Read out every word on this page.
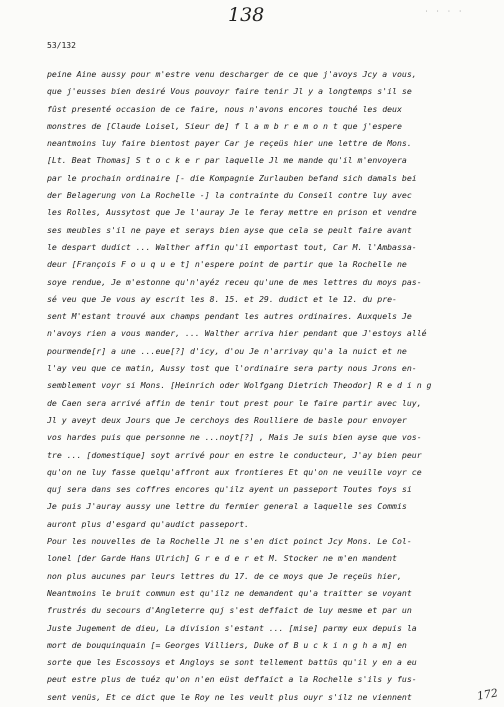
138	· · · ·
53/132
peine Aine aussy pour m'estre venu descharger de ce que j'avoys Jcy a vous,
que j'eusses bien desiré Vous pouvoyr faire tenir Jl y a longtemps s'il se
fûst presenté occasion de ce faire, nous n'avons encores touché les deux
monstres de [Claude Loisel, Sieur de] f l a m b r e m o n t que j'espere
neantmoins luy faire bientost payer Car je reçeüs hier une lettre de Mons.
[Lt. Beat Thomas] S t o c k e r par laquelle Jl me mande qu'il m'envoyera
par le prochain ordinaire [- die Kompagnie Zurlauben befand sich damals bei
der Belagerung von La Rochelle -] la contrainte du Conseil contre luy avec
les Rolles, Aussytost que Je l'auray Je le feray mettre en prison et vendre
ses meubles s'il ne paye et serays bien ayse que cela se peult faire avant
le despart dudict ... Walther affin qu'il emportast tout, Car M. l'Ambassa-
deur [François F o u q u e t] n'espere point de partir que la Rochelle ne
soye rendue, Je m'estonne qu'n'ayéz receu qu'une de mes lettres du moys pas-
sé veu que Je vous ay escrit les 8. 15. et 29. dudict et le 12. du pre-
sent M'estant trouvé aux champs pendant les autres ordinaires. Auxquels Je
n'avoys rien a vous mander, ... Walther arriva hier pendant que J'estoys allé
pourmende[r] a une ...eue[?] d'icy, d'ou Je n'arrivay qu'a la nuict et ne
l'ay veu que ce matin, Aussy tost que l'ordinaire sera party nous Jrons en-
semblement voyr si Mons. [Heinrich oder Wolfgang Dietrich Theodor] R e d i n g
de Caen sera arrivé affin de tenir tout prest pour le faire partir avec luy,
Jl y aveyt deux Jours que Je cerchoys des Roulliere de basle pour envoyer
vos hardes puis que personne ne ...noyt[?] , Mais Je suis bien ayse que vos-
tre ... [domestique] soyt arrivé pour en estre le conducteur, J'ay bien peur
qu'on ne luy fasse quelqu'affront aux frontieres Et qu'on ne veuille voyr ce
quj sera dans ses coffres encores qu'ilz ayent un passeport Toutes foys si
Je puis J'auray aussy une lettre du fermier general a laquelle ses Commis
auront plus d'esgard qu'audict passeport.
Pour les nouvelles de la Rochelle Jl ne s'en dict poinct Jcy Mons. Le Col-
lonel [der Garde Hans Ulrich] G r e d e r et M. Stocker ne m'en mandent
non plus aucunes par leurs lettres du 17. de ce moys que Je reçeüs hier,
Neantmoins le bruit commun est qu'ilz ne demandent qu'a traitter se voyant
frustrés du secours d'Angleterre quj s'est deffaict de luy mesme et par un
Juste Jugement de dieu, La division s'estant ... [mise] parmy eux depuis la
mort de bouquinquain [= Georges Villiers, Duke of B u c k i n g h a m] en
sorte que les Escossoys et Angloys se sont tellement battüs qu'il y en a eu
peut estre plus de tuéz qu'on n'en eüst deffaict a la Rochelle s'ils y fus-
sent venüs, Et ce dict que le Roy ne les veult plus ouyr s'ilz ne viennent	172
